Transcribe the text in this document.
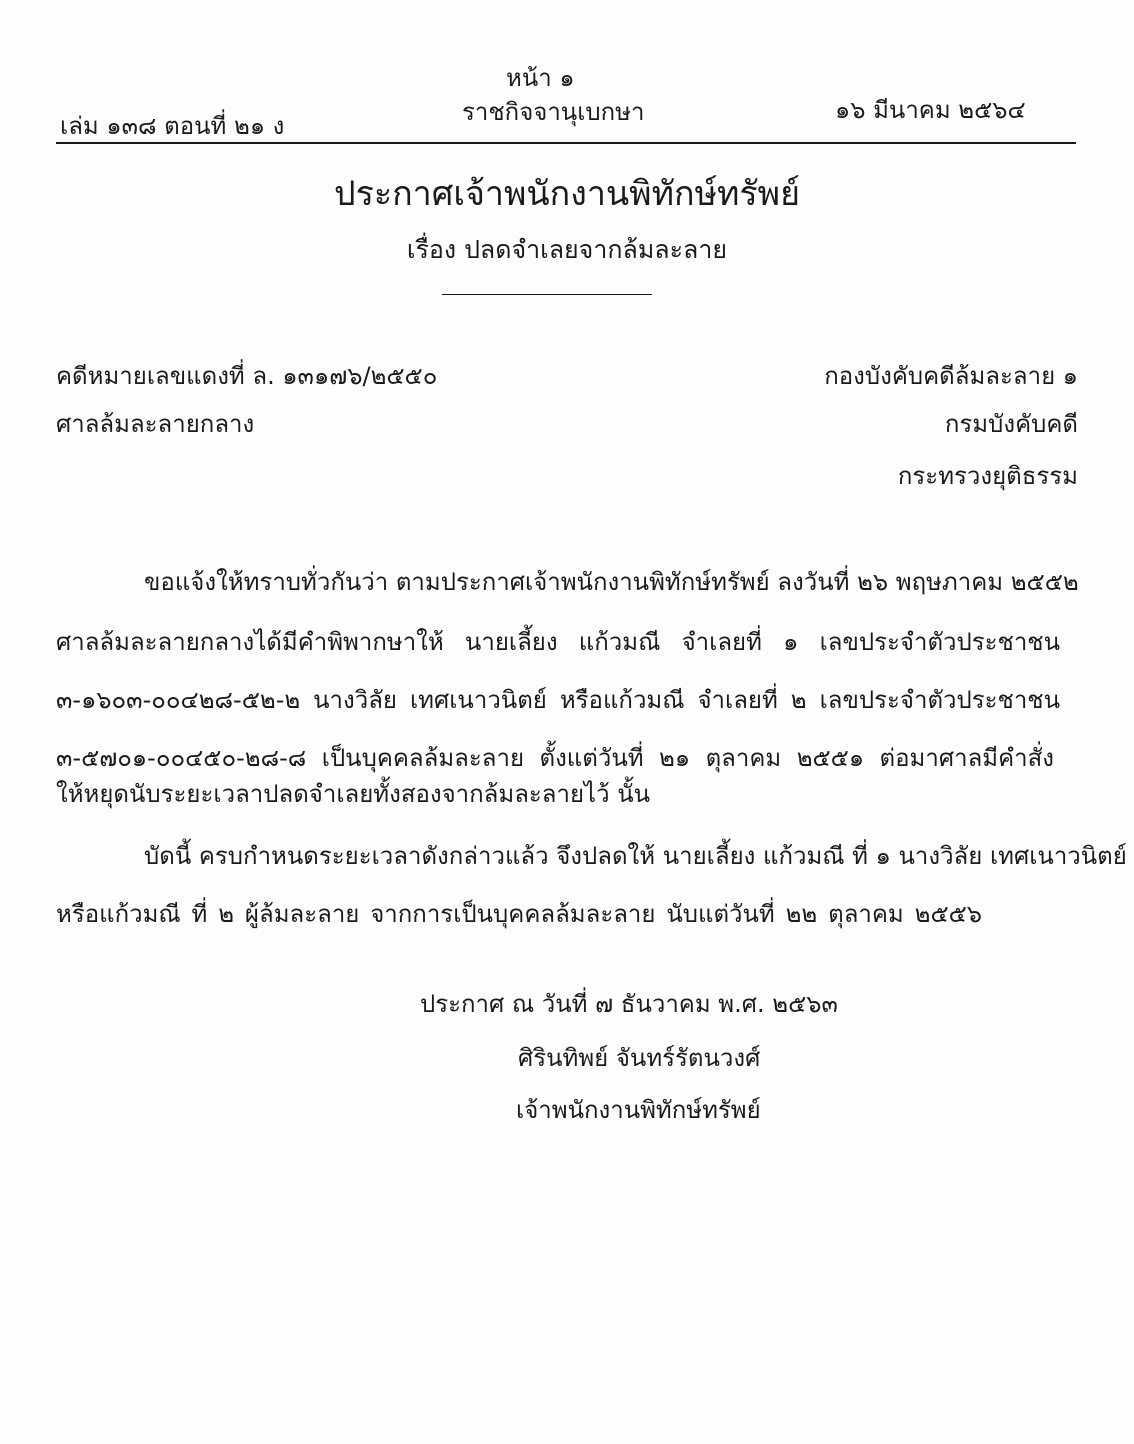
หน้า ๑
เล่ม ๑๓๘ ตอนที่ ๒๑ ง	ราชกิจจานุเบกษา	๑๖ มีนาคม ๒๕๖๔
ประกาศเจ้าพนักงานพิทักษ์ทรัพย์
เรื่อง ปลดจำเลยจากล้มละลาย
คดีหมายเลขแดงที่ ล. ๑๓๑๗๖/๒๕๕๐
ศาลล้มละลายกลาง
กองบังคับคดีล้มละลาย ๑
กรมบังคับคดี
กระทรวงยุติธรรม
ขอแจ้งให้ทราบทั่วกันว่า ตามประกาศเจ้าพนักงานพิทักษ์ทรัพย์ ลงวันที่ ๒๖ พฤษภาคม ๒๕๕๒
ศาลล้มละลายกลางได้มีคำพิพากษาให้ นายเลี้ยง แก้วมณี จำเลยที่ ๑ เลขประจำตัวประชาชน
๓-๑๖๐๓-๐๐๔๒๘-๕๒-๒ นางวิลัย เทศเนาวนิตย์ หรือแก้วมณี จำเลยที่ ๒ เลขประจำตัวประชาชน
๓-๕๗๐๑-๐๐๔๕๐-๒๘-๘ เป็นบุคคลล้มละลาย ตั้งแต่วันที่ ๒๑ ตุลาคม ๒๕๕๑ ต่อมาศาลมีคำสั่ง
ให้หยุดนับระยะเวลาปลดจำเลยทั้งสองจากล้มละลายไว้ นั้น
บัดนี้ ครบกำหนดระยะเวลาดังกล่าวแล้ว จึงปลดให้ นายเลี้ยง แก้วมณี ที่ ๑ นางวิลัย เทศเนาวนิตย์
หรือแก้วมณี ที่ ๒ ผู้ล้มละลาย จากการเป็นบุคคลล้มละลาย นับแต่วันที่ ๒๒ ตุลาคม ๒๕๕๖
ประกาศ ณ วันที่ ๗ ธันวาคม พ.ศ. ๒๕๖๓
ศิรินทิพย์ จันทร์รัตนวงศ์
เจ้าพนักงานพิทักษ์ทรัพย์
